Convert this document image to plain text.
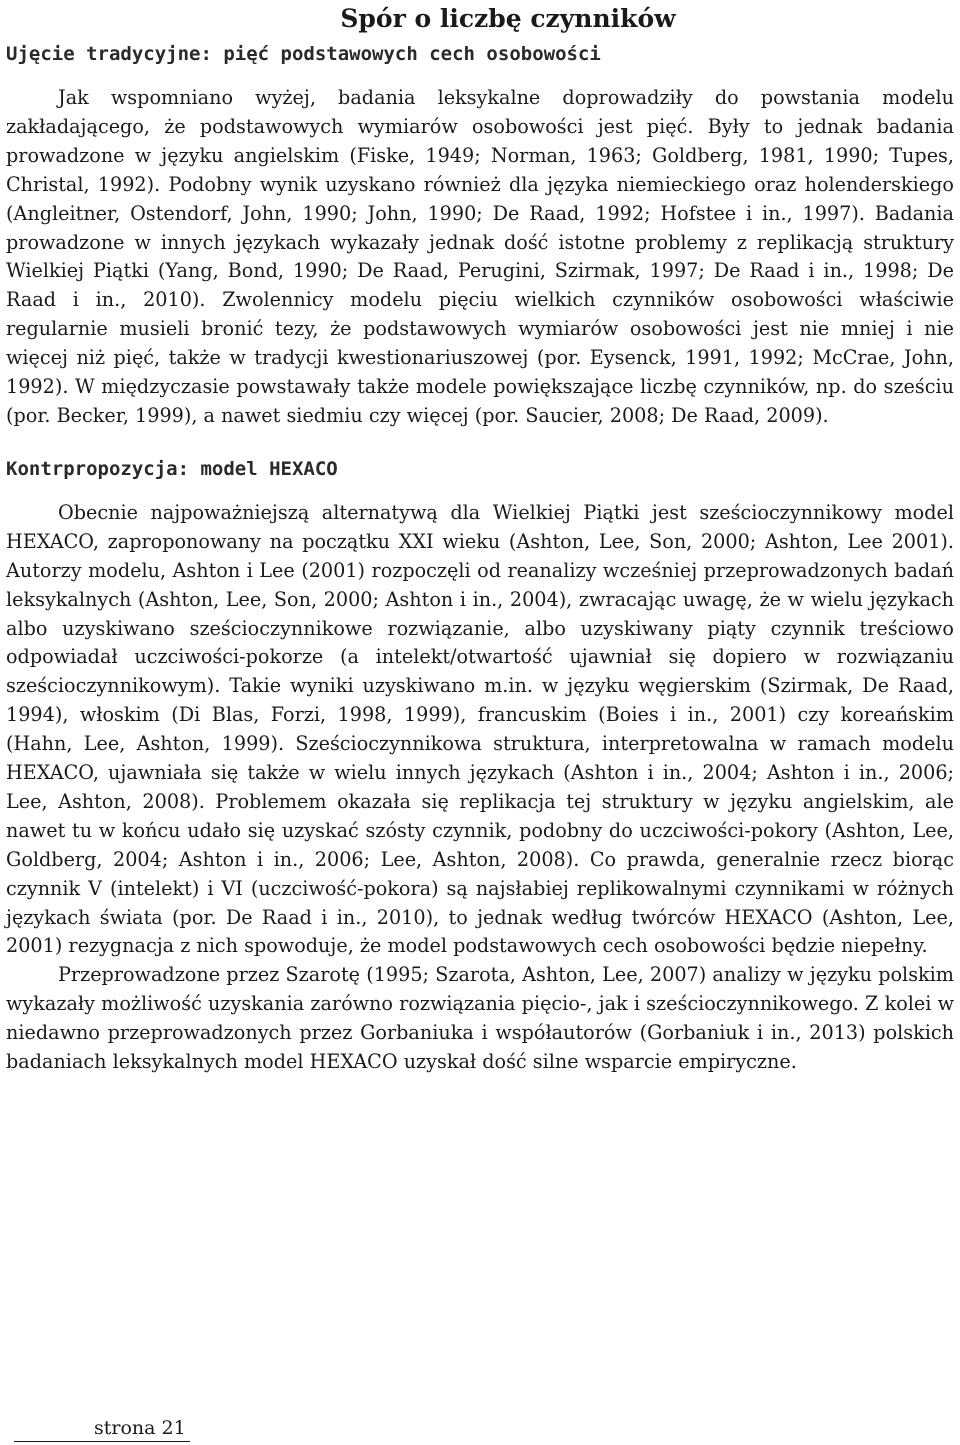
Spór o liczbę czynników
Ujęcie tradycyjne: pięć podstawowych cech osobowości

Jak wspomniano wyżej, badania leksykalne doprowadziły do powstania modelu zakładającego, że podstawowych wymiarów osobowości jest pięć. Były to jednak badania prowadzone w języku angielskim (Fiske, 1949; Norman, 1963; Goldberg, 1981, 1990; Tupes, Christal, 1992). Podobny wynik uzyskano również dla języka niemieckiego oraz holenderskiego (Angleitner, Ostendorf, John, 1990; John, 1990; De Raad, 1992; Hofstee i in., 1997). Badania prowadzone w innych językach wykazały jednak dość istotne problemy z replikacją struktury Wielkiej Piątki (Yang, Bond, 1990; De Raad, Perugini, Szirmak, 1997; De Raad i in., 1998; De Raad i in., 2010). Zwolennicy modelu pięciu wielkich czynników osobowości właściwie regularnie musieli bronić tezy, że podstawowych wymiarów osobowości jest nie mniej i nie więcej niż pięć, także w tradycji kwestionariuszowej (por. Eysenck, 1991, 1992; McCrae, John, 1992). W międzyczasie powstawały także modele powiększające liczbę czynników, np. do sześciu (por. Becker, 1999), a nawet siedmiu czy więcej (por. Saucier, 2008; De Raad, 2009).

Kontrpropozycja: model HEXACO

Obecnie najpoważniejszą alternatywą dla Wielkiej Piątki jest sześcioczynnikowy model HEXACO, zaproponowany na początku XXI wieku (Ashton, Lee, Son, 2000; Ashton, Lee 2001). Autorzy modelu, Ashton i Lee (2001) rozpoczęli od reanalizy wcześniej przeprowadzonych badań leksykalnych (Ashton, Lee, Son, 2000; Ashton i in., 2004), zwracając uwagę, że w wielu językach albo uzyskiwano sześcioczynnikowe rozwiązanie, albo uzyskiwany piąty czynnik treściowo odpowiadał uczciwości-pokorze (a intelekt/otwartość ujawniał się dopiero w rozwiązaniu sześcioczynnikowym). Takie wyniki uzyskiwano m.in. w języku węgierskim (Szirmak, De Raad, 1994), włoskim (Di Blas, Forzi, 1998, 1999), francuskim (Boies i in., 2001) czy koreańskim (Hahn, Lee, Ashton, 1999). Sześcioczynnikowa struktura, interpretowalna w ramach modelu HEXACO, ujawniała się także w wielu innych językach (Ashton i in., 2004; Ashton i in., 2006; Lee, Ashton, 2008). Problemem okazała się replikacja tej struktury w języku angielskim, ale nawet tu w końcu udało się uzyskać szósty czynnik, podobny do uczciwości-pokory (Ashton, Lee, Goldberg, 2004; Ashton i in., 2006; Lee, Ashton, 2008). Co prawda, generalnie rzecz biorąc czynnik V (intelekt) i VI (uczciwość-pokora) są najsłabiej replikowalnymi czynnikami w różnych językach świata (por. De Raad i in., 2010), to jednak według twórców HEXACO (Ashton, Lee, 2001) rezygnacja z nich spowoduje, że model podstawowych cech osobowości będzie niepełny.

Przeprowadzone przez Szarotę (1995; Szarota, Ashton, Lee, 2007) analizy w języku polskim wykazały możliwość uzyskania zarówno rozwiązania pięcio-, jak i sześcioczynnikowego. Z kolei w niedawno przeprowadzonych przez Gorbaniuka i współautorów (Gorbaniuk i in., 2013) polskich badaniach leksykalnych model HEXACO uzyskał dość silne wsparcie empiryczne.

strona 21
